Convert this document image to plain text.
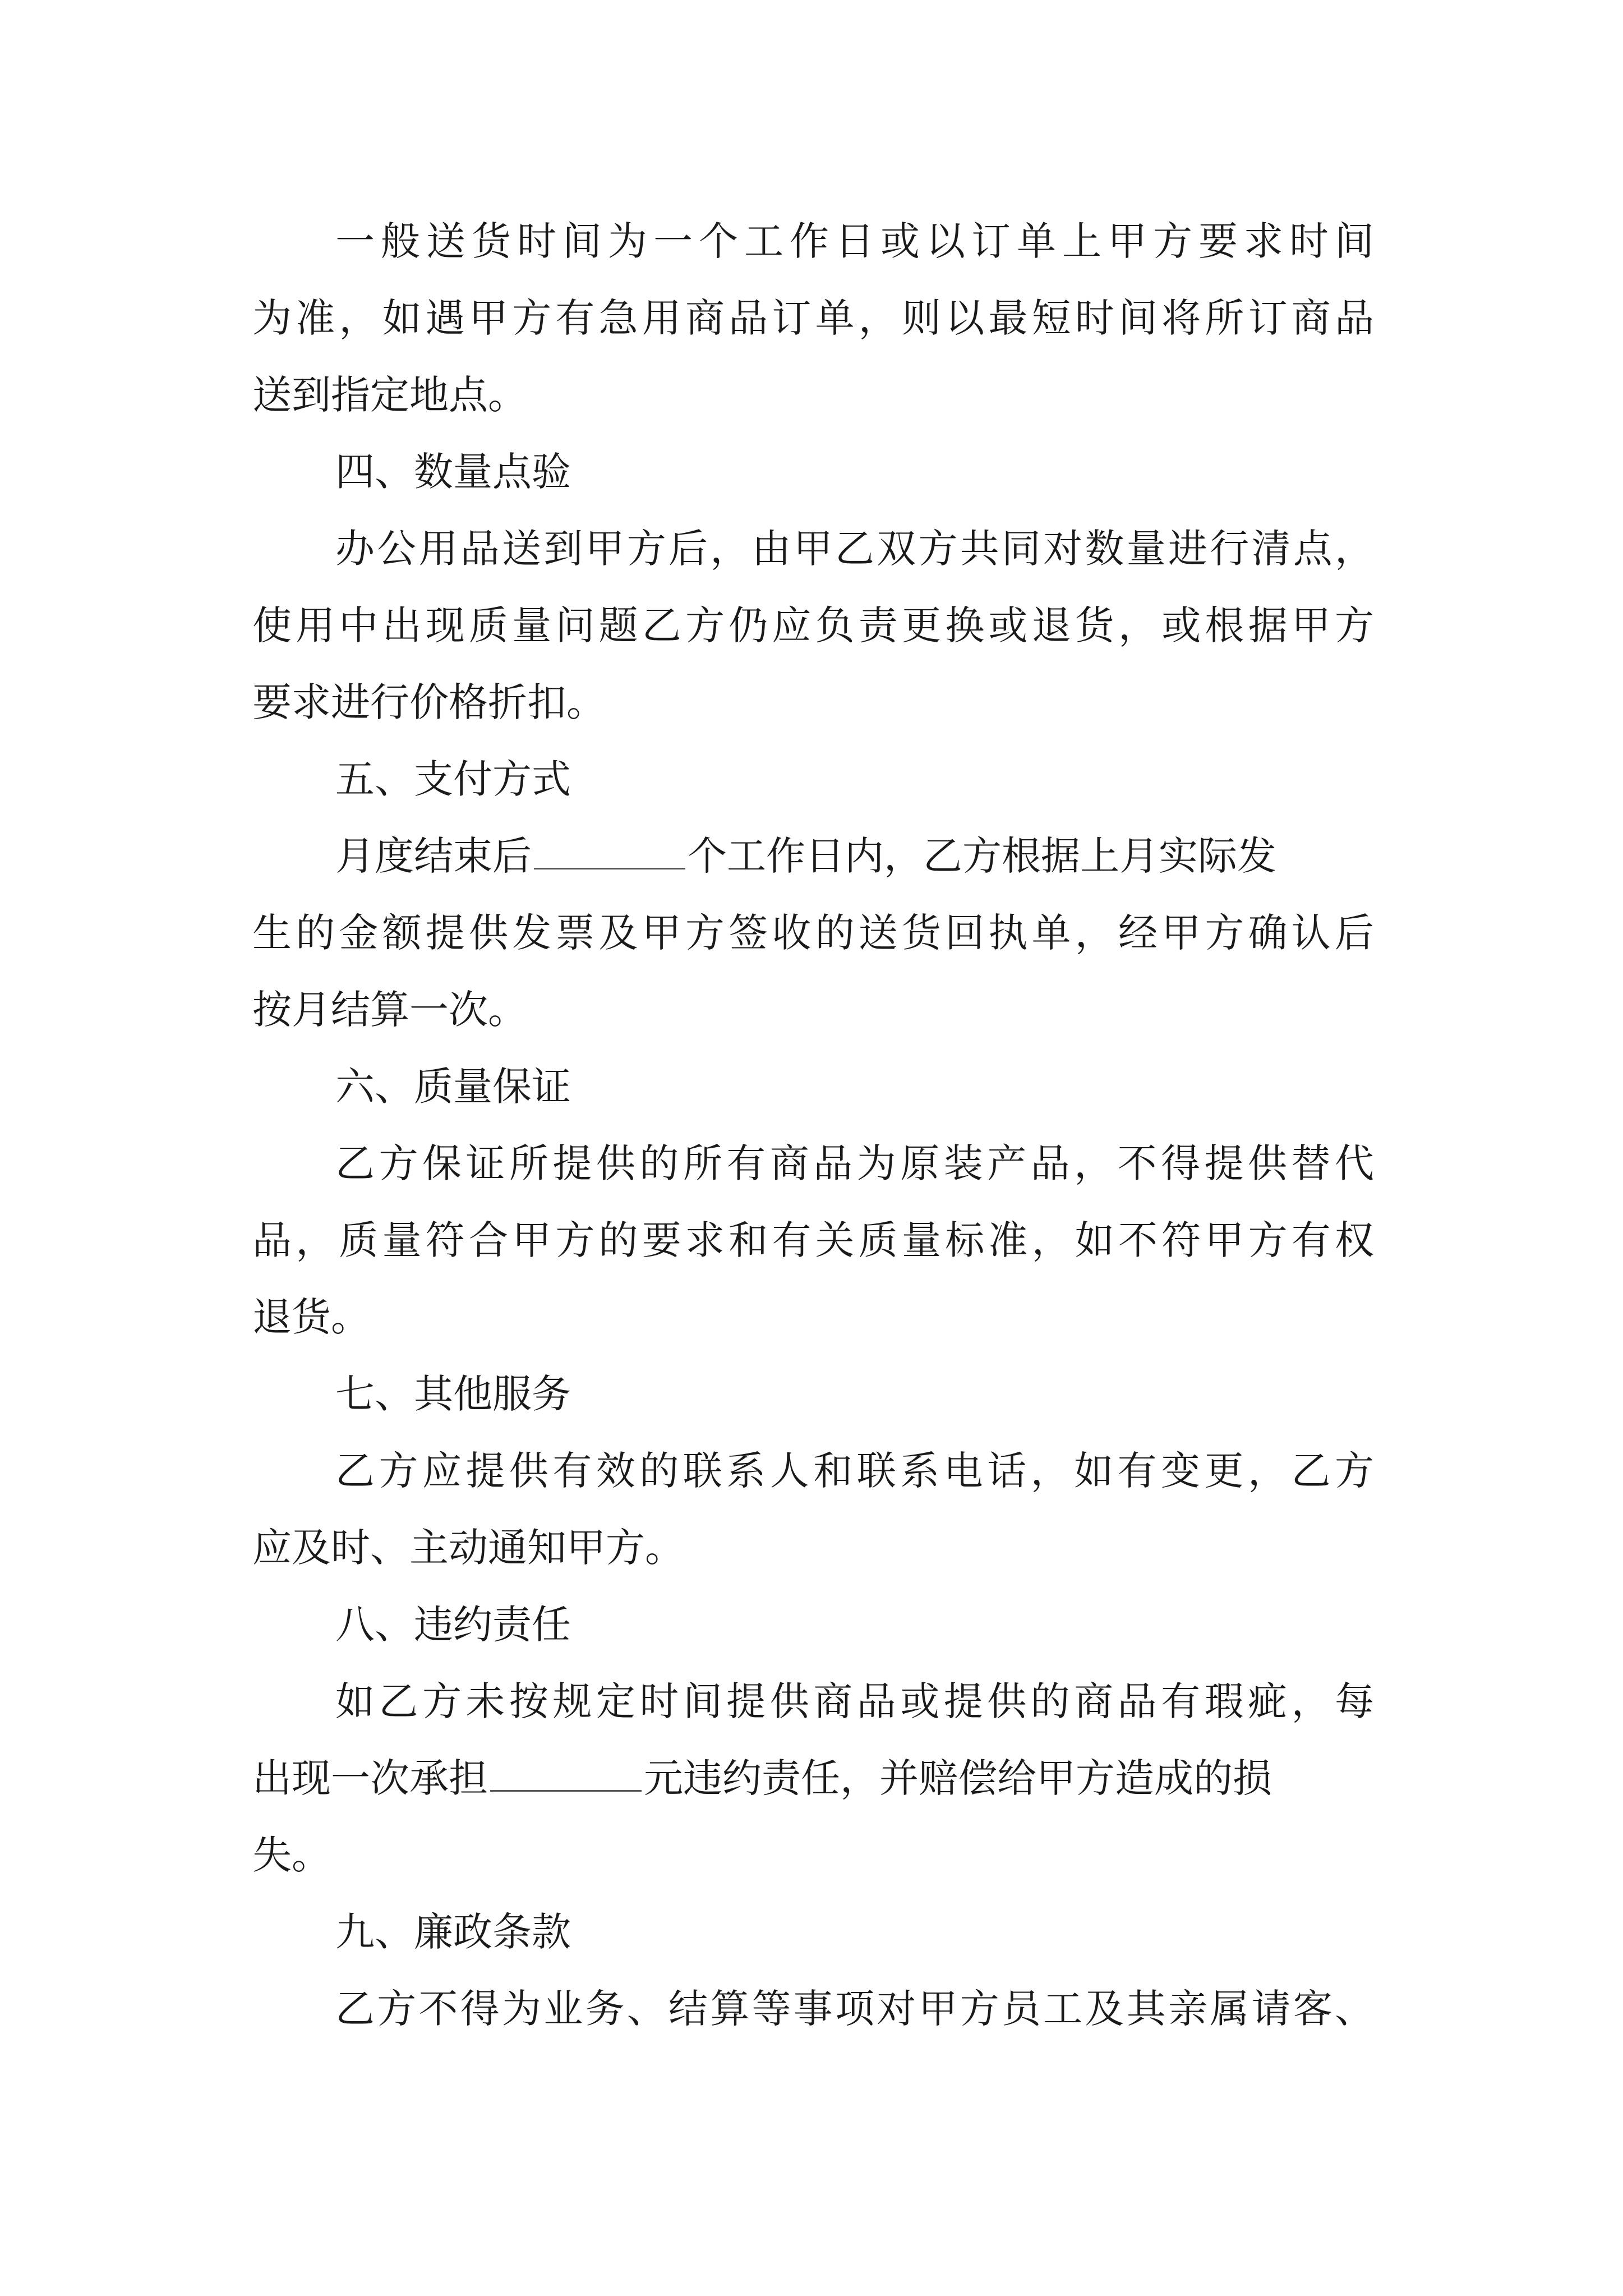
一般送货时间为一个工作日或以订单上甲方要求时间
为准，如遇甲方有急用商品订单，则以最短时间将所订商品
送到指定地点。
四、数量点验
办公用品送到甲方后，由甲乙双方共同对数量进行清点，
使用中出现质量问题乙方仍应负责更换或退货，或根据甲方
要求进行价格折扣。
五、支付方式
月度结束后	个工作日内，乙方根据上月实际发
生的金额提供发票及甲方签收的送货回执单，经甲方确认后
按月结算一次。
六、质量保证
乙方保证所提供的所有商品为原装产品，不得提供替代
品，质量符合甲方的要求和有关质量标准，如不符甲方有权
退货。
七、其他服务
乙方应提供有效的联系人和联系电话，如有变更，乙方
应及时、主动通知甲方。
八、违约责任
如乙方未按规定时间提供商品或提供的商品有瑕疵，每
出现一次承担	元违约责任，并赔偿给甲方造成的损
失。
九、廉政条款
乙方不得为业务、结算等事项对甲方员工及其亲属请客、
